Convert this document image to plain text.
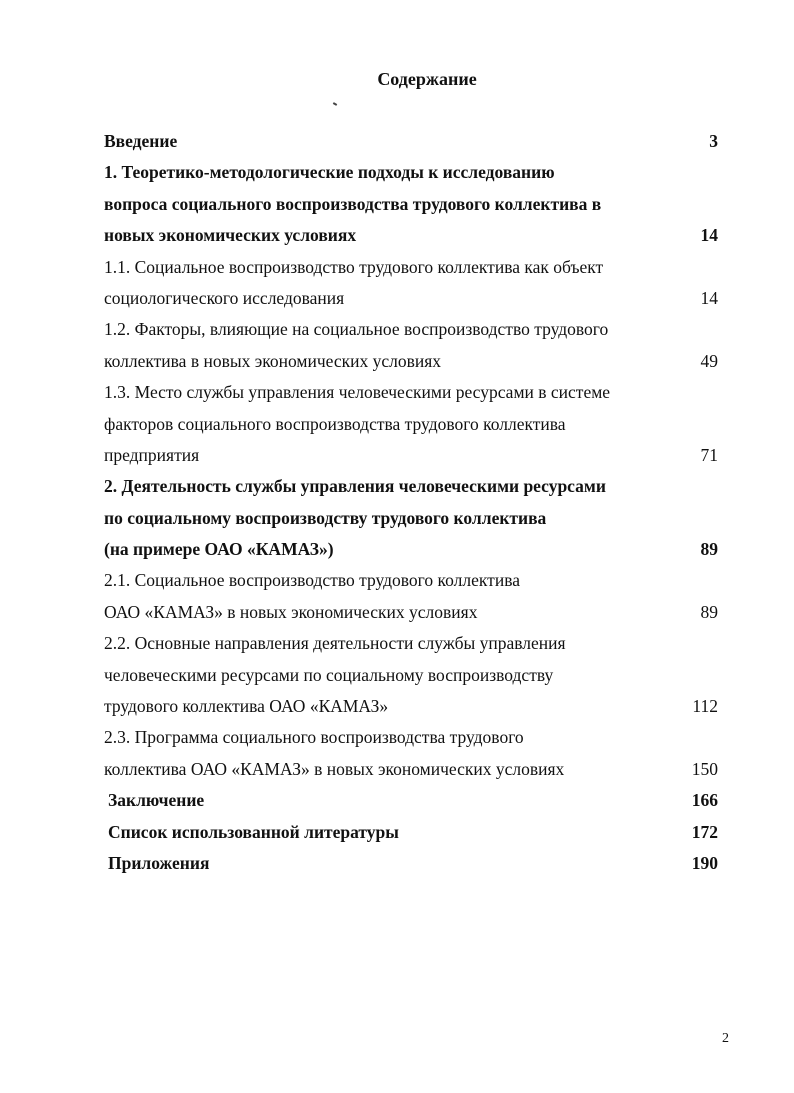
Содержание
Введение	3
1. Теоретико-методологические подходы к исследованию
вопроса социального воспроизводства трудового коллектива в
новых экономических условиях	14
1.1. Социальное воспроизводство трудового коллектива как объект
социологического исследования	14
1.2. Факторы, влияющие на социальное воспроизводство трудового
коллектива в новых экономических условиях	49
1.3. Место службы управления человеческими ресурсами в системе
факторов социального воспроизводства трудового коллектива
предприятия	71
2. Деятельность службы управления человеческими ресурсами
по социальному воспроизводству трудового коллектива
(на примере ОАО «КАМАЗ»)	89
2.1. Социальное воспроизводство трудового коллектива
ОАО «КАМАЗ» в новых экономических условиях	89
2.2. Основные направления деятельности службы управления
человеческими ресурсами по социальному воспроизводству
трудового коллектива ОАО «КАМАЗ»	112
2.3. Программа социального воспроизводства трудового
коллектива ОАО «КАМАЗ» в новых экономических условиях	150
Заключение	166
Список использованной литературы	172
Приложения	190
2
